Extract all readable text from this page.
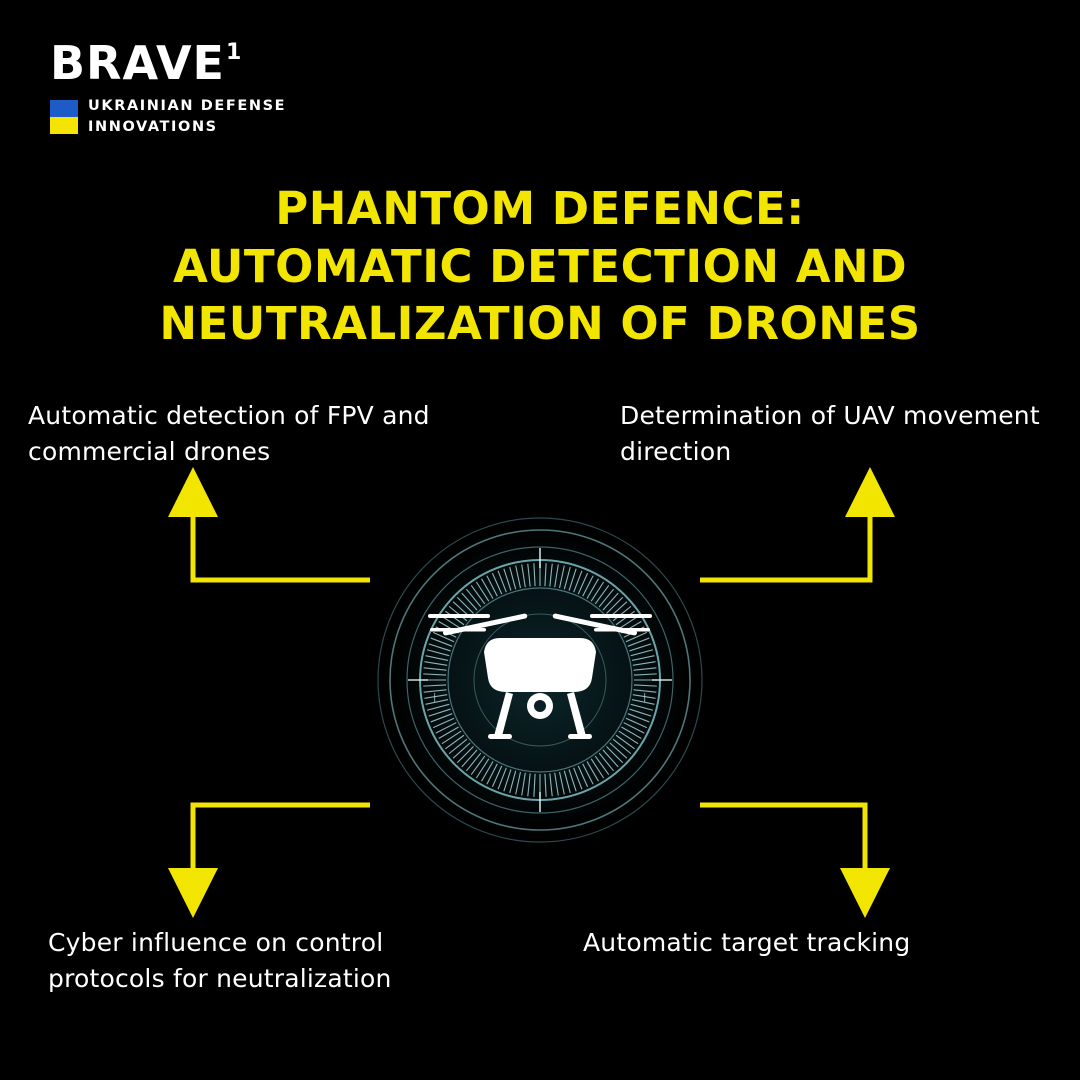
BRAVE 1
UKRAINIAN DEFENSE
INNOVATIONS
PHANTOM DEFENCE:
AUTOMATIC DETECTION AND
NEUTRALIZATION OF DRONES
Automatic detection of FPV and commercial drones
Determination of UAV movement direction
Cyber influence on control protocols for neutralization
Automatic target tracking
|	|
